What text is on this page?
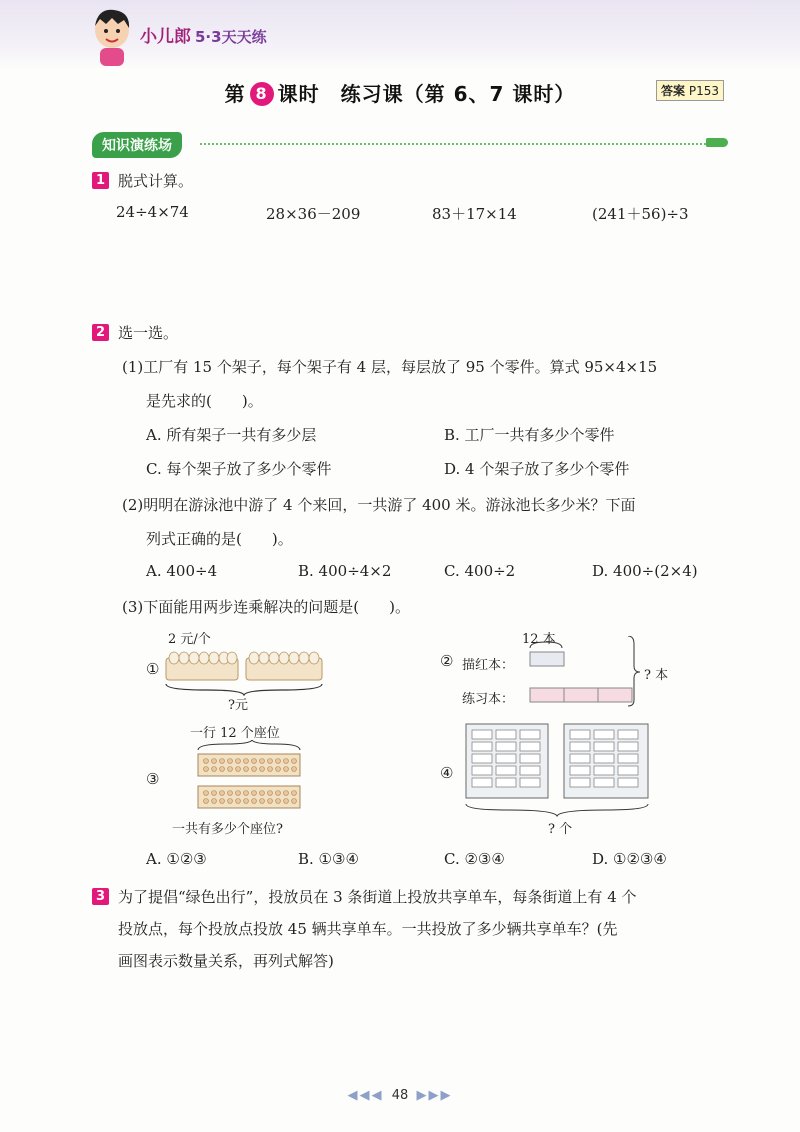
小儿郎 5·3天天练
第 8 课时　练习课（第 6、7 课时）	答案 P153
知识演练场
1 脱式计算。
24÷4×74	28×36－209	83＋17×14	(241＋56)÷3
2 选一选。
(1)工厂有 15 个架子，每个架子有 4 层，每层放了 95 个零件。算式 95×4×15
是先求的(　　)。
A. 所有架子一共有多少层	B. 工厂一共有多少个零件
C. 每个架子放了多少个零件	D. 4 个架子放了多少个零件
(2)明明在游泳池中游了 4 个来回，一共游了 400 米。游泳池长多少米？下面
列式正确的是(　　)。
A. 400÷4	B. 400÷4×2	C. 400÷2	D. 400÷(2×4)
(3)下面能用两步连乘解决的问题是(　　)。
①
2 元/个
?元
② 描红本：
练习本：
12 本
? 本
一行 12 个座位
③
一共有多少个座位?
④
? 个
A. ①②③	B. ①③④	C. ②③④	D. ①②③④
3 为了提倡“绿色出行”，投放员在 3 条街道上投放共享单车，每条街道上有 4 个
投放点，每个投放点投放 45 辆共享单车。一共投放了多少辆共享单车？(先
画图表示数量关系，再列式解答)
◀◀◀ 48 ▶▶▶
